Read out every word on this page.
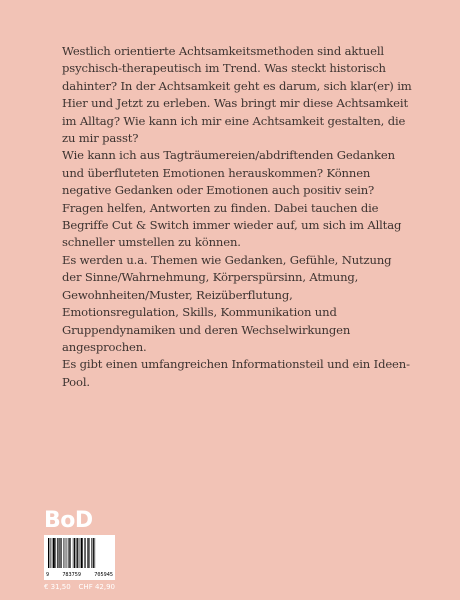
Westlich orientierte Achtsamkeitsmethoden sind aktuell psychisch-therapeutisch im Trend. Was steckt historisch dahinter? In der Achtsamkeit geht es darum, sich klar(er) im Hier und Jetzt zu erleben. Was bringt mir diese Achtsamkeit im Alltag? Wie kann ich mir eine Achtsamkeit gestalten, die zu mir passt?

Wie kann ich aus Tagträumereien/abdriftenden Gedanken und überfluteten Emotionen herauskommen? Können negative Gedanken oder Emotionen auch positiv sein? Fragen helfen, Antworten zu finden. Dabei tauchen die Begriffe Cut & Switch immer wieder auf, um sich im Alltag schneller umstellen zu können.

Es werden u.a. Themen wie Gedanken, Gefühle, Nutzung der Sinne/Wahrnehmung, Körperspürsinn, Atmung, Gewohnheiten/Muster, Reizüberflutung, Emotionsregulation, Skills, Kommunikation und Gruppendynamiken und deren Wechselwirkungen angesprochen.

Es gibt einen umfangreichen Informationsteil und ein Ideen-Pool.

BoD
9	783759	705945
€ 31,50 CHF 42,90
